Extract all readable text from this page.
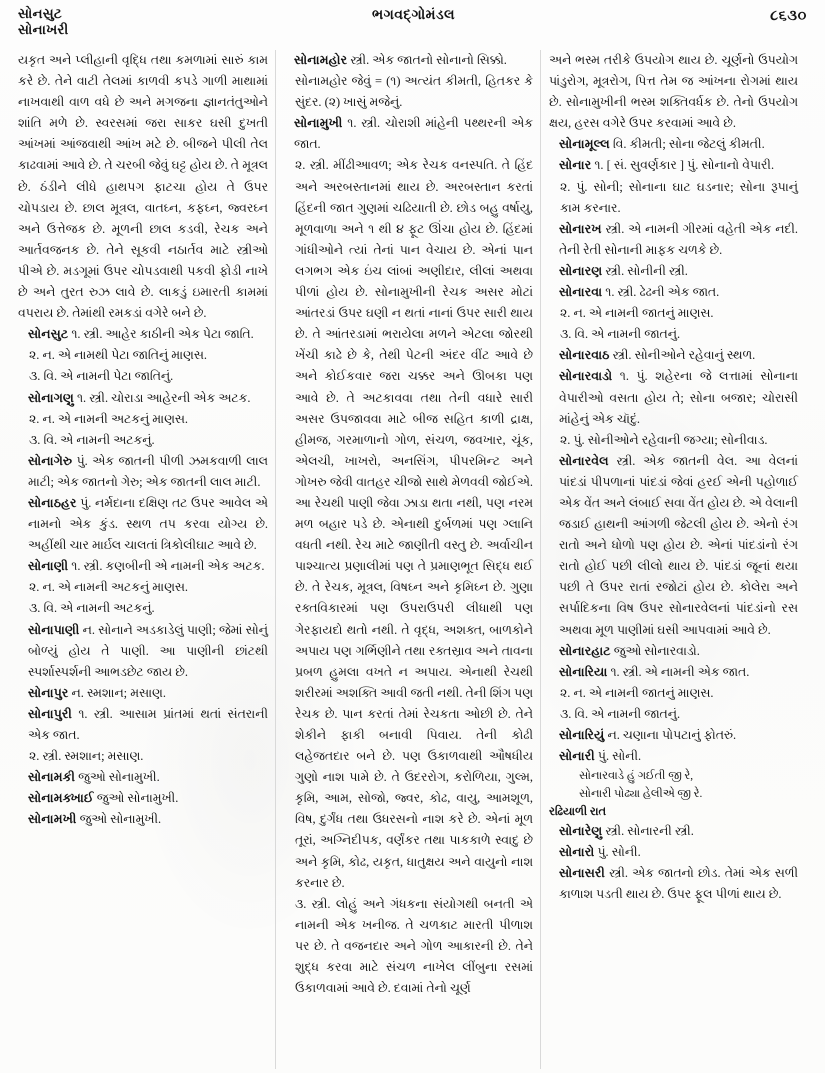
સોનસુટ
સોનાખરી
ભગવદ્ગોમંડલ	૮૬૩૦

યકૃત અને પ્લીહાની વૃદ્ધિ તથા કમળામાં સારું કામ કરે છે. તેને વાટી તેલમાં કાળવી કપડે ગાળી માથામાં નાખવાથી વાળ વધે છે અને મગજના જ્ઞાનતંતુઓને શાંતિ મળે છે. સ્વરસમાં જરા સાકર ઘસી દુખતી આંખમાં આંજવાથી આંખ મટે છે. બીજને પીલી તેલ કાઢવામાં આવે છે. તે ચરબી જેવું ઘટ્ટ હોય છે. તે મૂત્રલ છે. ઠંડીને લીધે હાથપગ ફાટચા હોય તે ઉપર ચોપડાય છે. છાલ મૂત્રલ, વાતઘ્ન, કફઘ્ન, જ્વરઘ્ન અને ઉત્તેજક છે. મૂળની છાલ કડવી, રેચક અને આર્તવજનક છે. તેને સૂકવી નઠાર્તવ માટે સ્ત્રીઓ પીએ છે. મડગૂમાં ઉપર ચોપડવાથી પકવી ફોડી નાખે છે અને તુરત રુઝ લાવે છે. લાકડું ઇમારતી કામમાં વપરાય છે. તેમાંથી રમકડાં વગેરે બને છે.

સોનસુટ ૧. સ્ત્રી. આહેર કાઠીની એક પેટા જાતિ.

૨. ન. એ નામથી પેટા જાતિનું માણસ.

૩. વિ. એ નામની પેટા જાતિનું.

સોનાગણુ ૧. સ્ત્રી. ચોરાડા આહેરની એક અટક.

૨. ન. એ નામની અટકનું માણસ.

૩. વિ. એ નામની અટકનું.

સોનાગેરુ પું. એક જાતની પીળી ઝમકવાળી લાલ માટી; એક જાતનો ગેરુ; એક જાતની લાલ માટી.

સોનાઠહર પું. નર્મદાના દક્ષિણ તટ ઉપર આવેલ એ નામનો એક કુંડ. સ્થળ તપ કરવા યોગ્ય છે. અહીંથી ચાર માર્ઇલ ચાલતાં ત્રિકોલીઘાટ આવે છે.

સોનાણી ૧. સ્ત્રી. કણબીની એ નામની એક અટક.

૨. ન. એ નામની અટકનું માણસ.

૩. વિ. એ નામની અટકનું.

સોનાપાણી ન. સોનાને અડકાડેલું પાણી; જેમાં સોનું બોળ્યું હોય તે પાણી. આ પાણીની છાંટથી સ્પર્શાસ્પર્શની આભડછેટ જાય છે.

સોનાપુર ન. સ્મશાન; મસાણ.

સોનાપુરી ૧. સ્ત્રી. આસામ પ્રાંતમાં થતાં સંતરાની એક જાત.

૨. સ્ત્રી. સ્મશાન; મસાણ.

સોનામકી જુઓ સોનામુખી.

સોનામક્ખાઈ જુઓ સોનામુખી.

સોનામખી જુઓ સોનામુખી.

સોનામહોર સ્ત્રી. એક જાતનો સોનાનો સિક્કો.

સોનામહોર જેવું = (૧) અત્યંત કીમતી, હિતકર કે સુંદર. (૨) ખાસું મજેનું.

સોનામુખી ૧. સ્ત્રી. ચોરાશી માંહેની પથ્થરની એક જાત.

૨. સ્ત્રી. મીંઢીઆવળ; એક રેચક વનસ્પતિ. તે હિંદ અને અરબસ્તાનમાં થાય છે. અરબસ્તાન કરતાં હિંદની જાત ગુણમાં ચઢિયાતી છે. છોડ બહુ વર્ષાયુ, મૂળવાળા અને ૧ થી ૪ ફૂટ ઊંચા હોય છે. હિંદમાં ગાંધીઓને ત્યાં તેનાં પાન વેચાય છે. એનાં પાન લગભગ એક ઇંચ લાંબાં અણીદાર, લીલાં અથવા પીળાં હોય છે. સોનામુખીની રેચક અસર મોટાં આંતરડાં ઉપર ઘણી ન થતાં નાનાં ઉપર સારી થાય છે. તે આંતરડામાં ભરાયેલા મળને એટલા જોરથી ખેંચી કાઢે છે કે, તેથી પેટની અંદર વીંટ આવે છે અને કોઈકવાર જરા ચક્કર અને ઊબકા પણ આવે છે. તે અટકાવવા તથા તેની વધારે સારી અસર ઉપજાવવા માટે બીજ સહિત કાળી દ્રાક્ષ, હીમજ, ગરમાળાનો ગોળ, સંચળ, જવખાર, ચૂંક, એલચી, ખાખરો, અનસિંગ, પીપરમિન્ટ અને ગોખરુ જેવી વાતહર ચીજો સાથે મેળવવી જોઈએ. આ રેચથી પાણી જેવા ઝાડા થતા નથી, પણ નરમ મળ બહાર પડે છે. એનાથી દુર્બળમાં પણ ગ્લાનિ વધતી નથી. રેચ માટે જાણીતી વસ્તુ છે. અર્વાચીન પાશ્ચાત્ય પ્રણાલીમાં પણ તે પ્રમાણભૂત સિદ્ધ થઈ છે. તે રેચક, મૂત્રલ, વિષઘ્ન અને કૃમિઘ્ન છે. ગુણા રક્તવિકારમાં પણ ઉપરાઉપરી લીધાથી પણ ગેરફાયદો થતો નથી. તે વૃદ્ધ, અશક્ત, બાળકોને અપાય પણ ગર્ભિણીને તથા રક્તસ્રાવ અને તાવના પ્રબળ હુમલા વખતે ન અપાય. એનાથી રેચથી શરીરમાં અશક્તિ આવી જતી નથી. તેની શિંગ પણ રેચક છે. પાન કરતાં તેમાં રેચકતા ઓછી છે. તેને શેકીને ફાકી બનાવી પિવાય. તેની કોઢી લહેજતદાર બને છે. પણ ઉકાળવાથી ઔષધીય ગુણો નાશ પામે છે. તે ઉદરરોગ, કરોળિયા, ગુલ્મ, કૃમિ, આમ, સોજો, જ્વર, કોઢ, વાયુ, આમશૂળ, વિષ, દુર્ગંધ તથા ઉધરસનો નાશ કરે છે. એનાં મૂળ તૂરાં, અગ્નિદીપક, વર્ણંકર તથા પાકકાળે સ્વાદુ છે અને કૃમિ, કોઢ, યકૃત, ધાતુક્ષય અને વાયુનો નાશ કરનાર છે.

૩. સ્ત્રી. લોહું અને ગંધકના સંયોગથી બનતી એ નામની એક ખનીજ. તે ચળકાટ મારતી પીળાશ પર છે. તે વજનદાર અને ગોળ આકારની છે. તેને શુદ્ધ કરવા માટે સંચળ નાખેલ લીંબુના રસમાં ઉકાળવામાં આવે છે. દવામાં તેનો ચૂર્ણ

અને ભસ્મ તરીકે ઉપયોગ થાય છે. ચૂર્ણનો ઉપયોગ પાંડુરોગ, મૂત્રરોગ, પિત્ત તેમ જ આંખના રોગમાં થાય છે. સોનામુખીની ભસ્મ શક્તિવર્ધક છે. તેનો ઉપયોગ ક્ષય, હરસ વગેરે ઉપર કરવામાં આવે છે.

સોનામૂલ્લ વિ. કીમતી; સોના જેટલું કીમતી.

સોનાર ૧. [ સં. સુવર્ણકાર ] પું. સોનાનો વેપારી.

૨. પું. સોની; સોનાના ઘાટ ઘડનાર; સોના રૂપાનું કામ કરનાર.

સોનારખ સ્ત્રી. એ નામની ગીરમાં વહેતી એક નદી. તેની રેતી સોનાની માફક ચળકે છે.

સોનારણ સ્ત્રી. સોનીની સ્ત્રી.

સોનારવા ૧. સ્ત્રી. ઢેઢની એક જાત.

૨. ન. એ નામની જાતનું માણસ.

૩. વિ. એ નામની જાતનું.

સોનારવાઠ સ્ત્રી. સોનીઓને રહેવાનું સ્થળ.

સોનારવાડો ૧. પું. શહેરના જે લત્તામાં સોનાના વેપારીઓ વસતા હોય તે; સોના બજાર; ચોરાસી માંહેનું એક ચૉદું.

૨. પું. સોનીઓને રહેવાની જગ્યા; સોનીવાડ.

સોનારવેલ સ્ત્રી. એક જાતની વેલ. આ વેલનાં પાંદડાં પીપળાનાં પાંદડાં જેવાં હરઈ એની પહોળાઈ એક વેંત અને લંબાઈ સવા વેંત હોય છે. એ વેલાની જડાઈ હાથની આંગળી જેટલી હોય છે. એનો રંગ રાતો અને ધોળો પણ હોય છે. એનાં પાંદડાંનો રંગ રાતો હોઈ પછી લીલો થાય છે. પાંદડાં જૂનાં થયા પછી તે ઉપર રાતાં રજોટાં હોય છે. કોલેરા અને સર્પાદિકના વિષ ઉપર સોનારવેલનાં પાંદડાંનો રસ અથવા મૂળ પાણીમાં ઘસી આપવામાં આવે છે.

સોનારહાટ જુઓ સોનારવાડો.

સોનારિયા ૧. સ્ત્રી. એ નામની એક જાત.

૨. ન. એ નામની જાતનું માણસ.

૩. વિ. એ નામની જાતનું.

સોનારિયું ન. ચણાના પોપટાનું ફોતરું.

સોનારી પું. સોની.

સોનારવાડે હું ગઈતી જી રે,

સોનારી પોઢ્યા હેલીએ જી રે.

રઢિયાળી રાત

સોનારેણુ સ્ત્રી. સોનારની સ્ત્રી.

સોનારો પું. સોની.

સોનાસરી સ્ત્રી. એક જાતનો છોડ. તેમાં એક સળી કાળાશ પડતી થાય છે. ઉપર ફૂલ પીળાં થાય છે.
